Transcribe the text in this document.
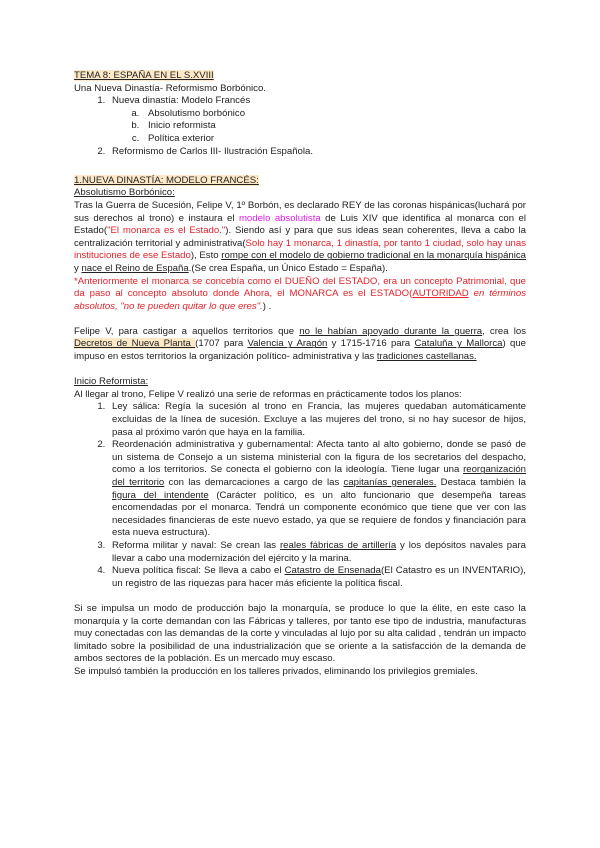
TEMA 8: ESPAÑA EN EL S.XVIII

Una Nueva Dinastía- Reformismo Borbónico.

1. Nueva dinastía: Modelo Francés
a. Absolutismo borbónico
b. Inicio reformista
c. Política exterior
2. Reformismo de Carlos III- Ilustración Española.

1.NUEVA DINASTÍA: MODELO FRANCÉS:

Absolutismo Borbónico:

Tras la Guerra de Sucesión, Felipe V, 1º Borbón, es declarado REY de las coronas hispánicas(luchará por sus derechos al trono) e instaura el modelo absolutista de Luis XIV que identifica al monarca con el Estado("El monarca es el Estado."). Siendo así y para que sus ideas sean coherentes, lleva a cabo la centralización territorial y administrativa(Solo hay 1 monarca, 1 dinastía, por tanto 1 ciudad, solo hay unas instituciones de ese Estado), Esto rompe con el modelo de gobierno tradicional en la monarquía hispánica y nace el Reino de España.(Se crea España, un Único Estado = España).

*Anteriormente el monarca se concebía como el DUEÑO del ESTADO, era un concepto Patrimonial, que da paso al concepto absoluto donde Ahora, el MONARCA es el ESTADO(AUTORIDAD en términos absolutos, "no te pueden quitar lo que eres".) .

Felipe V, para castigar a aquellos territorios que no le habían apoyado durante la guerra, crea los Decretos de Nueva Planta (1707 para Valencia y Aragón y 1715-1716 para Cataluña y Mallorca) que impuso en estos territorios la organización político- administrativa y las tradiciones castellanas.

Inicio Reformista:

Al llegar al trono, Felipe V realizó una serie de reformas en prácticamente todos los planos:

1. Ley sálica: Regía la sucesión al trono en Francia, las mujeres quedaban automáticamente excluidas de la línea de sucesión. Excluye a las mujeres del trono, si no hay sucesor de hijos, pasa al próximo varón que haya en la familia.
2. Reordenación administrativa y gubernamental: Afecta tanto al alto gobierno, donde se pasó de un sistema de Consejo a un sistema ministerial con la figura de los secretarios del despacho, como a los territorios. Se conecta el gobierno con la ideología. Tiene lugar una reorganización del territorio con las demarcaciones a cargo de las capitanías generales. Destaca también la figura del intendente (Carácter político, es un alto funcionario que desempeña tareas encomendadas por el monarca. Tendrá un componente económico que tiene que ver con las necesidades financieras de este nuevo estado, ya que se requiere de fondos y financiación para esta nueva estructura).
3. Reforma militar y naval: Se crean las reales fábricas de artillería y los depósitos navales para llevar a cabo una modernización del ejército y la marina.
4. Nueva política fiscal: Se lleva a cabo el Catastro de Ensenada(El Catastro es un INVENTARIO), un registro de las riquezas para hacer más eficiente la política fiscal.

Si se impulsa un modo de producción bajo la monarquía, se produce lo que la élite, en este caso la monarquía y la corte demandan con las Fábricas y talleres, por tanto ese tipo de industria, manufacturas muy conectadas con las demandas de la corte y vinculadas al lujo por su alta calidad , tendrán un impacto limitado sobre la posibilidad de una industrialización que se oriente a la satisfacción de la demanda de ambos sectores de la población. Es un mercado muy escaso.

Se impulsó también la producción en los talleres privados, eliminando los privilegios gremiales.
